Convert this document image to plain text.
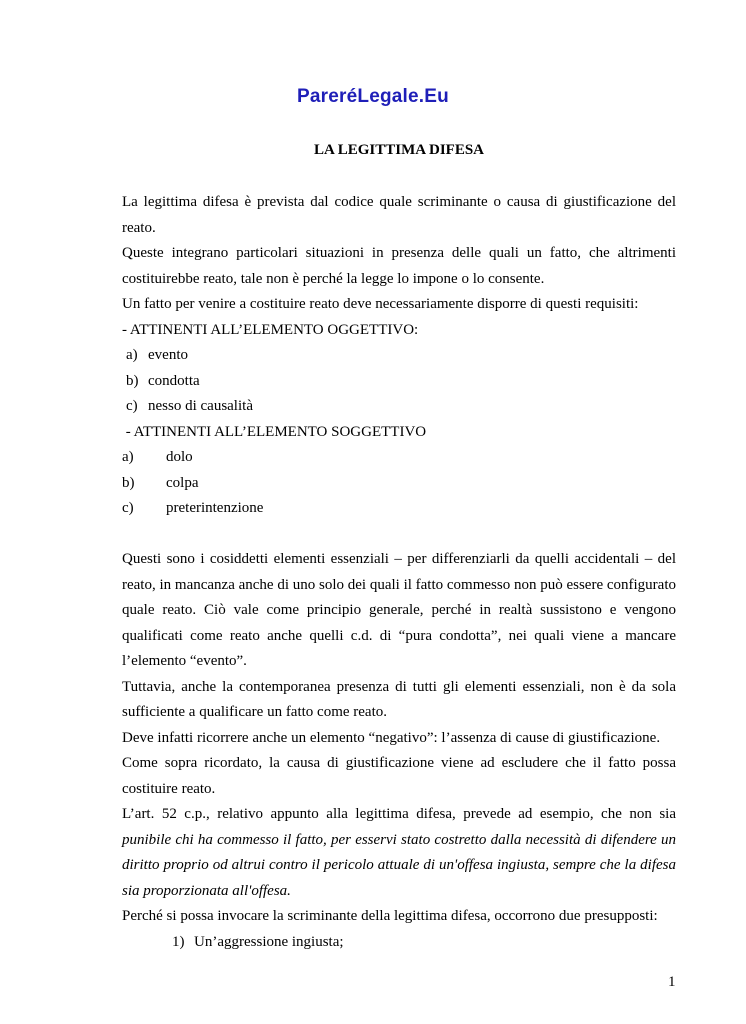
PareréLegale.Eu
LA LEGITTIMA DIFESA

La legittima difesa è prevista dal codice quale scriminante o causa di giustificazione del reato.

Queste integrano particolari situazioni in presenza delle quali un fatto, che altrimenti costituirebbe reato, tale non è perché la legge lo impone o lo consente.

Un fatto per venire a costituire reato deve necessariamente disporre di questi requisiti:

- ATTINENTI ALL’ELEMENTO OGGETTIVO:

a) evento
b) condotta
c) nesso di causalità

- ATTINENTI ALL’ELEMENTO SOGGETTIVO

a)	dolo
b)	colpa
c)	preterintenzione

Questi sono i cosiddetti elementi essenziali – per differenziarli da quelli accidentali – del reato, in mancanza anche di uno solo dei quali il fatto commesso non può essere configurato quale reato. Ciò vale come principio generale, perché in realtà sussistono e vengono qualificati come reato anche quelli c.d. di “pura condotta”, nei quali viene a mancare l’elemento “evento”.

Tuttavia, anche la contemporanea presenza di tutti gli elementi essenziali, non è da sola sufficiente a qualificare un fatto come reato.

Deve infatti ricorrere anche un elemento “negativo”: l’assenza di cause di giustificazione.

Come sopra ricordato, la causa di giustificazione viene ad escludere che il fatto possa costituire reato.

L’art. 52 c.p., relativo appunto alla legittima difesa, prevede ad esempio, che non sia punibile chi ha commesso il fatto, per esservi stato costretto dalla necessità di difendere un diritto proprio od altrui contro il pericolo attuale di un'offesa ingiusta, sempre che la difesa sia proporzionata all'offesa.

Perché si possa invocare la scriminante della legittima difesa, occorrono due presupposti:

1) Un’aggressione ingiusta;
1
